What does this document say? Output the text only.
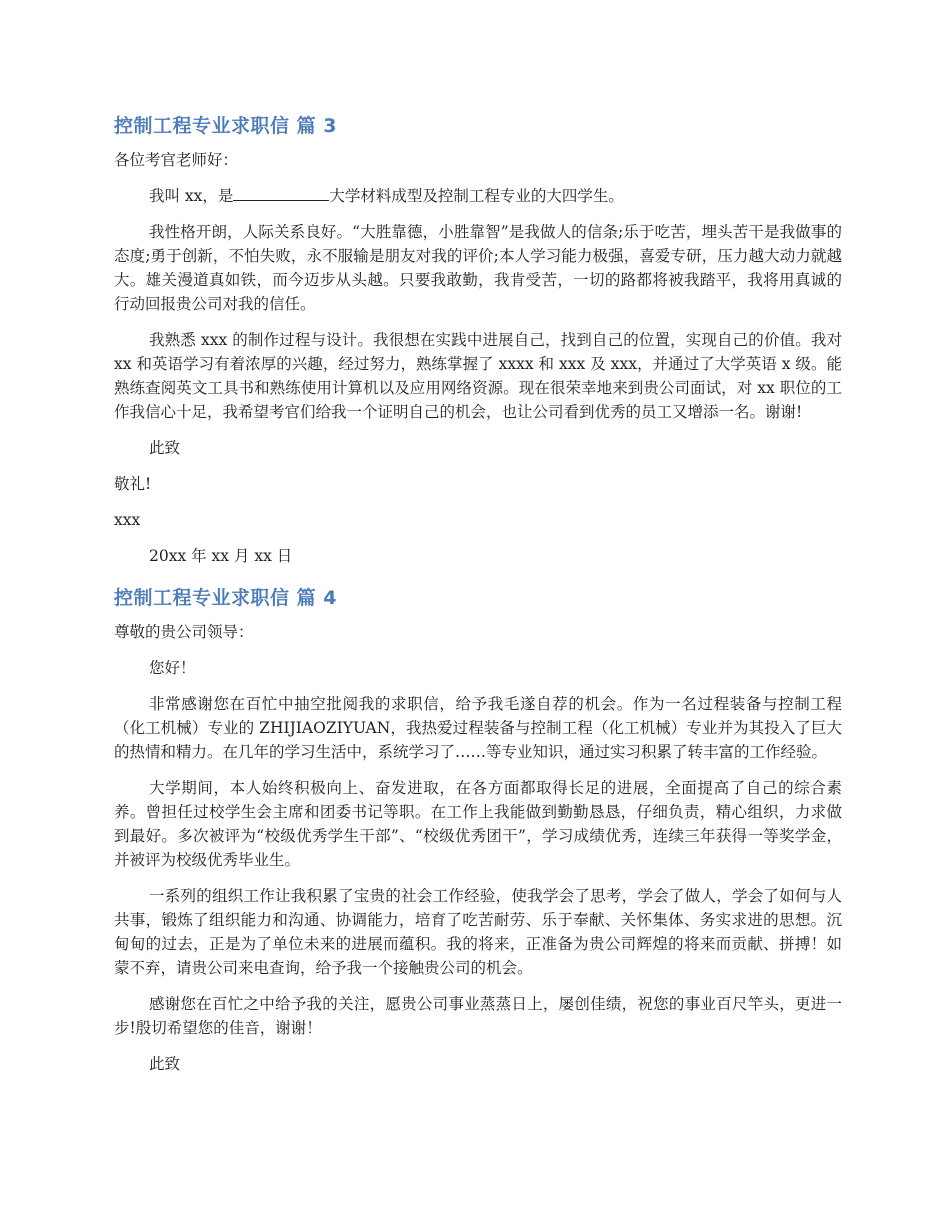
控制工程专业求职信 篇 3
各位考官老师好：
我叫 xx，是	大学材料成型及控制工程专业的大四学生。
我性格开朗，人际关系良好。“大胜靠德，小胜靠智”是我做人的信条;乐于吃苦，埋头苦干是我做事的态度;勇于创新，不怕失败，永不服输是朋友对我的评价;本人学习能力极强，喜爱专研，压力越大动力就越大。雄关漫道真如铁，而今迈步从头越。只要我敢勤，我肯受苦，一切的路都将被我踏平，我将用真诚的行动回报贵公司对我的信任。
我熟悉 xxx 的制作过程与设计。我很想在实践中进展自己，找到自己的位置，实现自己的价值。我对 xx 和英语学习有着浓厚的兴趣，经过努力，熟练掌握了 xxxx 和 xxx 及 xxx，并通过了大学英语 x 级。能熟练查阅英文工具书和熟练使用计算机以及应用网络资源。现在很荣幸地来到贵公司面试，对 xx 职位的工作我信心十足，我希望考官们给我一个证明自己的机会，也让公司看到优秀的员工又增添一名。谢谢!
此致
敬礼!
xxx
20xx 年 xx 月 xx 日
控制工程专业求职信 篇 4
尊敬的贵公司领导：
您好！
非常感谢您在百忙中抽空批阅我的求职信，给予我毛遂自荐的机会。作为一名过程装备与控制工程（化工机械）专业的 ZHIJIAOZIYUAN，我热爱过程装备与控制工程（化工机械）专业并为其投入了巨大的热情和精力。在几年的学习生活中，系统学习了……等专业知识，通过实习积累了转丰富的工作经验。
大学期间，本人始终积极向上、奋发进取，在各方面都取得长足的进展，全面提高了自己的综合素养。曾担任过校学生会主席和团委书记等职。在工作上我能做到勤勤恳恳，仔细负责，精心组织，力求做到最好。多次被评为“校级优秀学生干部”、“校级优秀团干”，学习成绩优秀，连续三年获得一等奖学金，并被评为校级优秀毕业生。
一系列的组织工作让我积累了宝贵的社会工作经验，使我学会了思考，学会了做人，学会了如何与人共事，锻炼了组织能力和沟通、协调能力，培育了吃苦耐劳、乐于奉献、关怀集体、务实求进的思想。沉甸甸的过去，正是为了单位未来的进展而蕴积。我的将来，正准备为贵公司辉煌的将来而贡献、拼搏！如蒙不弃，请贵公司来电查询，给予我一个接触贵公司的机会。
感谢您在百忙之中给予我的关注，愿贵公司事业蒸蒸日上，屡创佳绩，祝您的事业百尺竿头，更进一步!殷切希望您的佳音，谢谢！
此致
